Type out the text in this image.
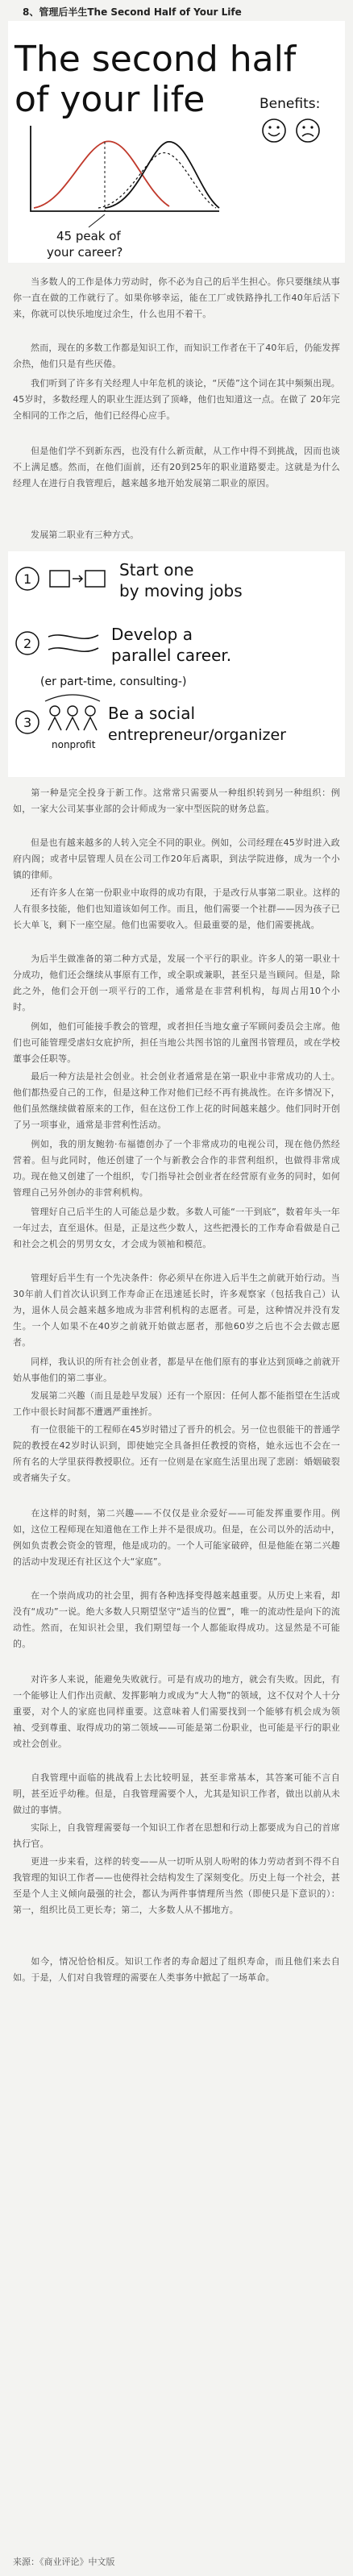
8、管理后半生The Second Half of Your Life
The second half
of your life	Benefits:
45 peak of
your career?

当多数人的工作是体力劳动时，你不必为自己的后半生担心。你只要继续从事你一直在做的工作就行了。如果你够幸运，能在工厂或铁路挣扎工作40年后活下来，你就可以快乐地度过余生，什么也用不着干。

然而，现在的多数工作都是知识工作，而知识工作者在干了40年后，仍能发挥余热，他们只是有些厌倦。

我们听到了许多有关经理人中年危机的谈论，“厌倦”这个词在其中频频出现。45岁时，多数经理人的职业生涯达到了顶峰，他们也知道这一点。在做了 20年完全相同的工作之后，他们已经得心应手。

但是他们学不到新东西，也没有什么新贡献，从工作中得不到挑战，因而也谈不上满足感。然而，在他们面前，还有20到25年的职业道路要走。这就是为什么经理人在进行自我管理后，越来越多地开始发展第二职业的原因。

发展第二职业有三种方式。

1	Start one
by moving jobs
2	Develop a
parallel career.
(er part-time, consulting-)
3
nonprofit
Be a social
entrepreneur/organizer

第一种是完全投身于新工作。这常常只需要从一种组织转到另一种组织：例如，一家大公司某事业部的会计师成为一家中型医院的财务总监。

但是也有越来越多的人转入完全不同的职业。例如，公司经理在45岁时进入政府内阁；或者中层管理人员在公司工作20年后离职，到法学院进修，成为一个小镇的律师。

还有许多人在第一份职业中取得的成功有限，于是改行从事第二职业。这样的人有很多技能，他们也知道该如何工作。而且，他们需要一个社群——因为孩子已长大单飞，剩下一座空屋。他们也需要收入。但最重要的是，他们需要挑战。

为后半生做准备的第二种方式是，发展一个平行的职业。许多人的第一职业十分成功，他们还会继续从事原有工作，或全职或兼职，甚至只是当顾问。但是，除此之外，他们会开创一项平行的工作，通常是在非营利机构，每周占用10个小时。

例如，他们可能接手教会的管理，或者担任当地女童子军顾问委员会主席。他们也可能管理受虐妇女庇护所，担任当地公共图书馆的儿童图书管理员，或在学校董事会任职等。

最后一种方法是社会创业。社会创业者通常是在第一职业中非常成功的人士。他们都热爱自己的工作，但是这种工作对他们已经不再有挑战性。在许多情况下，他们虽然继续做着原来的工作，但在这份工作上花的时间越来越少。他们同时开创了另一项事业，通常是非营利性活动。

例如，我的朋友鲍勃·布福德创办了一个非常成功的电视公司，现在他仍然经营着。但与此同时，他还创建了一个与新教会合作的非营利组织，也做得非常成功。现在他又创建了一个组织，专门指导社会创业者在经营原有业务的同时，如何管理自己另外创办的非营利机构。

管理好自己后半生的人可能总是少数。多数人可能“一干到底”，数着年头一年一年过去，直至退休。但是，正是这些少数人，这些把漫长的工作寿命看做是自己和社会之机会的男男女女，才会成为领袖和模范。

管理好后半生有一个先决条件：你必须早在你进入后半生之前就开始行动。当30年前人们首次认识到工作寿命正在迅速延长时，许多观察家（包括我自己）认为，退休人员会越来越多地成为非营利机构的志愿者。可是，这种情况并没有发生。一个人如果不在40岁之前就开始做志愿者，那他60岁之后也不会去做志愿者。

同样，我认识的所有社会创业者，都是早在他们原有的事业达到顶峰之前就开始从事他们的第二事业。

发展第二兴趣（而且是趁早发展）还有一个原因：任何人都不能指望在生活或工作中很长时间都不遭遇严重挫折。

有一位很能干的工程师在45岁时错过了晋升的机会。另一位也很能干的普通学院的教授在42岁时认识到，即使她完全具备担任教授的资格，她永远也不会在一所有名的大学里获得教授职位。还有一位则是在家庭生活里出现了悲剧：婚姻破裂或者痛失子女。

在这样的时刻，第二兴趣——不仅仅是业余爱好——可能发挥重要作用。例如，这位工程师现在知道他在工作上并不是很成功。但是，在公司以外的活动中，例如负责教会资金的管理，他是成功的。一个人可能家破碎，但是他能在第二兴趣的活动中发现还有社区这个大“家庭”。

在一个崇尚成功的社会里，拥有各种选择变得越来越重要。从历史上来看，却没有“成功”一说。绝大多数人只期望坚守“适当的位置”，唯一的流动性是向下的流动性。然而，在知识社会里，我们期望每一个人都能取得成功。这显然是不可能的。

对许多人来说，能避免失败就行。可是有成功的地方，就会有失败。因此，有一个能够让人们作出贡献、发挥影响力或成为“大人物”的领域，这不仅对个人十分重要，对个人的家庭也同样重要。这意味着人们需要找到一个能够有机会成为领袖、受到尊重、取得成功的第二领域——可能是第二份职业，也可能是平行的职业或社会创业。

自我管理中面临的挑战看上去比较明显，甚至非常基本，其答案可能不言自明，甚至近乎幼稚。但是，自我管理需要个人，尤其是知识工作者，做出以前从未做过的事情。

实际上，自我管理需要每一个知识工作者在思想和行动上都要成为自己的首席执行官。

更进一步来看，这样的转变——从一切听从别人吩咐的体力劳动者到不得不自我管理的知识工作者——也使得社会结构发生了深刻变化。历史上每一个社会，甚至是个人主义倾向最强的社会，都认为两件事情理所当然（即使只是下意识的）：第一，组织比员工更长寿；第二，大多数人从不挪地方。

如今，情况恰恰相反。知识工作者的寿命超过了组织寿命，而且他们来去自如。于是，人们对自我管理的需要在人类事务中掀起了一场革命。

来源：《商业评论》中文版
